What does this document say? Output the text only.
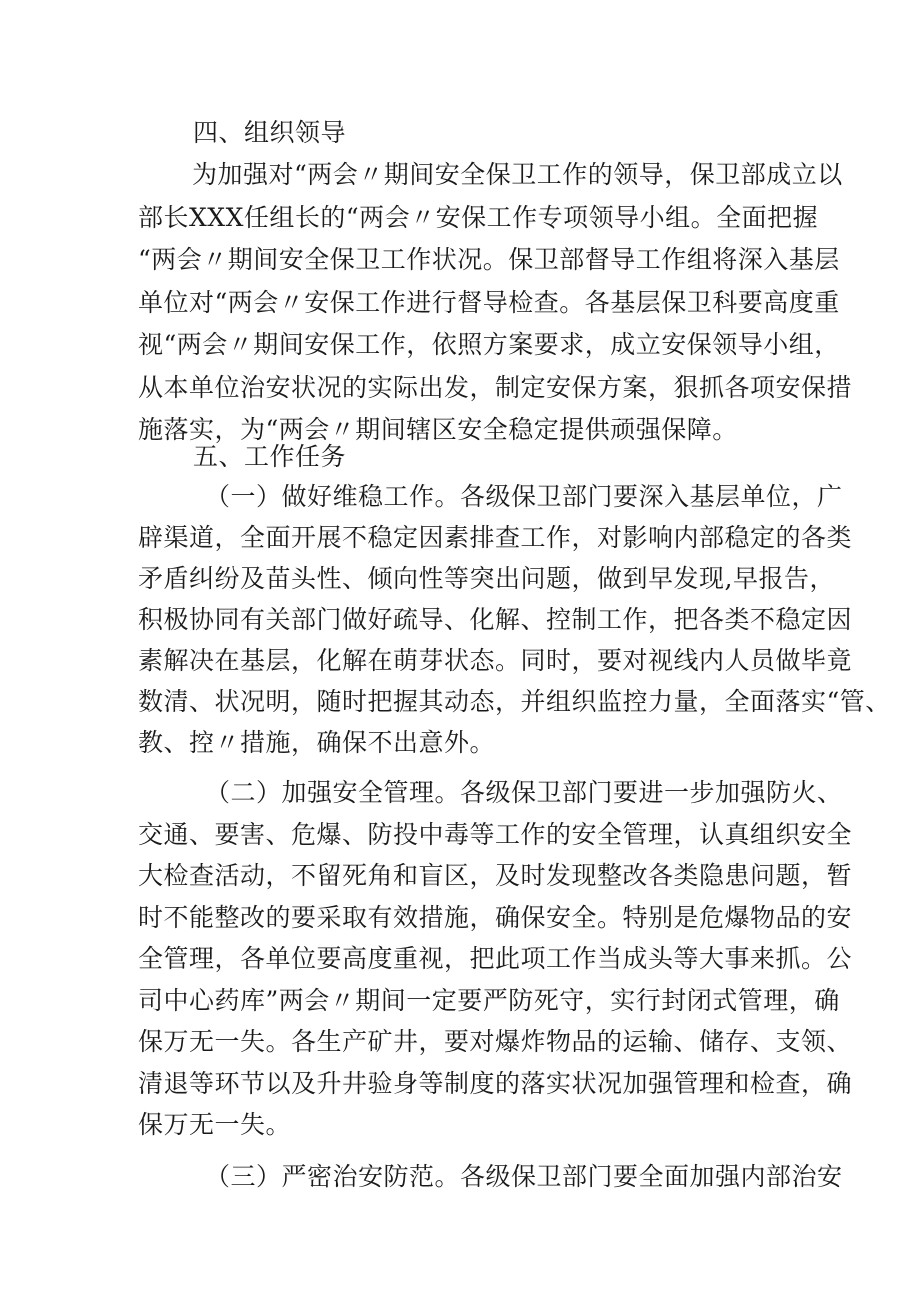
四、组织领导
为加强对“两会〃期间安全保卫工作的领导，保卫部成立以
部长XXX任组长的“两会〃安保工作专项领导小组。全面把握
“两会〃期间安全保卫工作状况。保卫部督导工作组将深入基层
单位对“两会〃安保工作进行督导检查。各基层保卫科要高度重
视“两会〃期间安保工作，依照方案要求，成立安保领导小组，
从本单位治安状况的实际出发，制定安保方案，狠抓各项安保措
施落实，为“两会〃期间辖区安全稳定提供顽强保障。
五、工作任务
（一）做好维稳工作。各级保卫部门要深入基层单位，广
辟渠道，全面开展不稳定因素排查工作，对影响内部稳定的各类
矛盾纠纷及苗头性、倾向性等突出问题，做到早发现,早报告，
积极协同有关部门做好疏导、化解、控制工作，把各类不稳定因
素解决在基层，化解在萌芽状态。同时，要对视线内人员做毕竟
数清、状况明，随时把握其动态，并组织监控力量，全面落实“管、
教、控〃措施，确保不出意外。
（二）加强安全管理。各级保卫部门要进一步加强防火、
交通、要害、危爆、防投中毒等工作的安全管理，认真组织安全
大检查活动，不留死角和盲区，及时发现整改各类隐患问题，暂
时不能整改的要采取有效措施，确保安全。特别是危爆物品的安
全管理，各单位要高度重视，把此项工作当成头等大事来抓。公
司中心药库”两会〃期间一定要严防死守，实行封闭式管理，确
保万无一失。各生产矿井，要对爆炸物品的运输、储存、支领、
清退等环节以及升井验身等制度的落实状况加强管理和检查，确
保万无一失。
（三）严密治安防范。各级保卫部门要全面加强内部治安
